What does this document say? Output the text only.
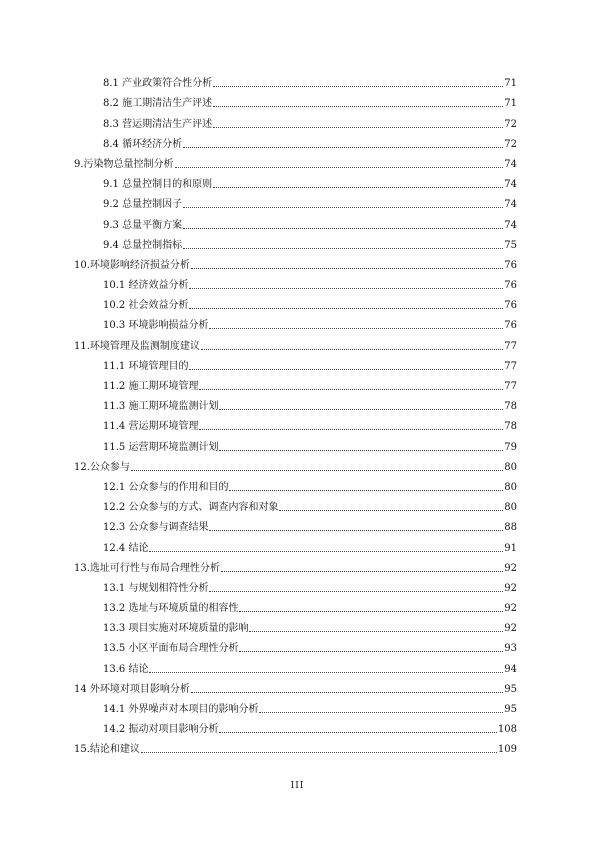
8.1 产业政策符合性分析	71
8.2 施工期清洁生产评述	71
8.3 营运期清洁生产评述	72
8.4 循环经济分析	72
9.污染物总量控制分析	74
9.1 总量控制目的和原则	74
9.2 总量控制因子	74
9.3 总量平衡方案	74
9.4 总量控制指标	75
10.环境影响经济损益分析	76
10.1 经济效益分析	76
10.2 社会效益分析	76
10.3 环境影响损益分析	76
11.环境管理及监测制度建议	77
11.1 环境管理目的	77
11.2 施工期环境管理	77
11.3 施工期环境监测计划	78
11.4 营运期环境管理	78
11.5 运营期环境监测计划	79
12.公众参与	80
12.1 公众参与的作用和目的	80
12.2 公众参与的方式、调查内容和对象	80
12.3 公众参与调查结果	88
12.4 结论	91
13.选址可行性与布局合理性分析	92
13.1 与规划相符性分析	92
13.2 选址与环境质量的相容性	92
13.3 项目实施对环境质量的影响	92
13.5 小区平面布局合理性分析	93
13.6 结论	94
14 外环境对项目影响分析	95
14.1 外界噪声对本项目的影响分析	95
14.2 振动对项目影响分析	108
15.结论和建议	109
III
